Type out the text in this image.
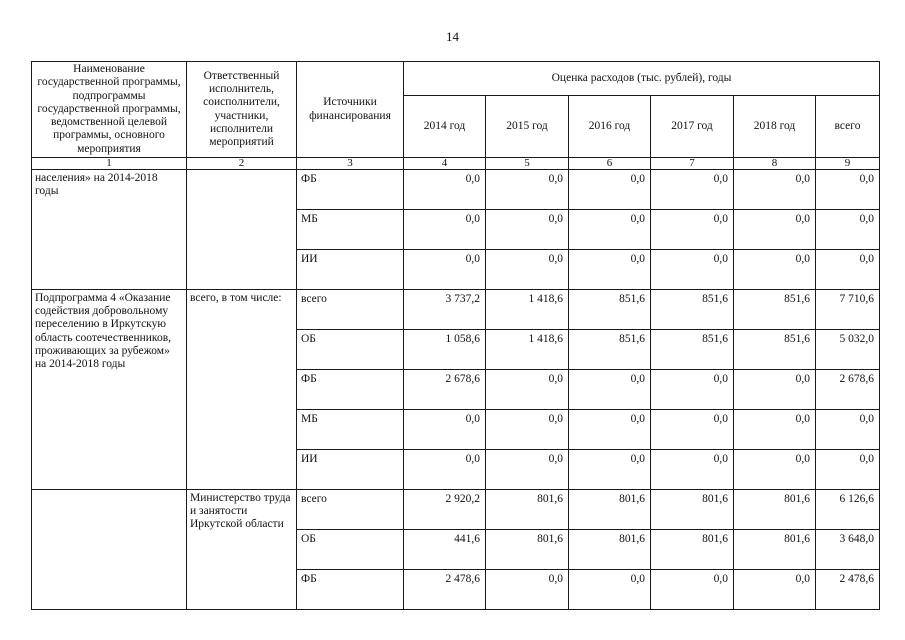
14
Наименование государственной программы, подпрограммы государственной программы, ведомственной целевой программы, основного мероприятия	Ответственный исполнитель, соисполнители, участники, исполнители мероприятий	Источники финансирования	Оценка расходов (тыс. рублей), годы					
			2014 год	2015 год	2016 год	2017 год	2018 год	всего
1	2	3	4	5	6	7	8	9
населения» на 2014-2018 годы		ФБ	0,0	0,0	0,0	0,0	0,0	0,0
		МБ	0,0	0,0	0,0	0,0	0,0	0,0
		ИИ	0,0	0,0	0,0	0,0	0,0	0,0
Подпрограмма 4 «Оказание содействия добровольному переселению в Иркутскую область соотечественников, проживающих за рубежом» на 2014-2018 годы	всего, в том числе:	всего	3 737,2	1 418,6	851,6	851,6	851,6	7 710,6
		ОБ	1 058,6	1 418,6	851,6	851,6	851,6	5 032,0
		ФБ	2 678,6	0,0	0,0	0,0	0,0	2 678,6
		МБ	0,0	0,0	0,0	0,0	0,0	0,0
		ИИ	0,0	0,0	0,0	0,0	0,0	0,0
	Министерство труда и занятости Иркутской области	всего	2 920,2	801,6	801,6	801,6	801,6	6 126,6
		ОБ	441,6	801,6	801,6	801,6	801,6	3 648,0
		ФБ	2 478,6	0,0	0,0	0,0	0,0	2 478,6
